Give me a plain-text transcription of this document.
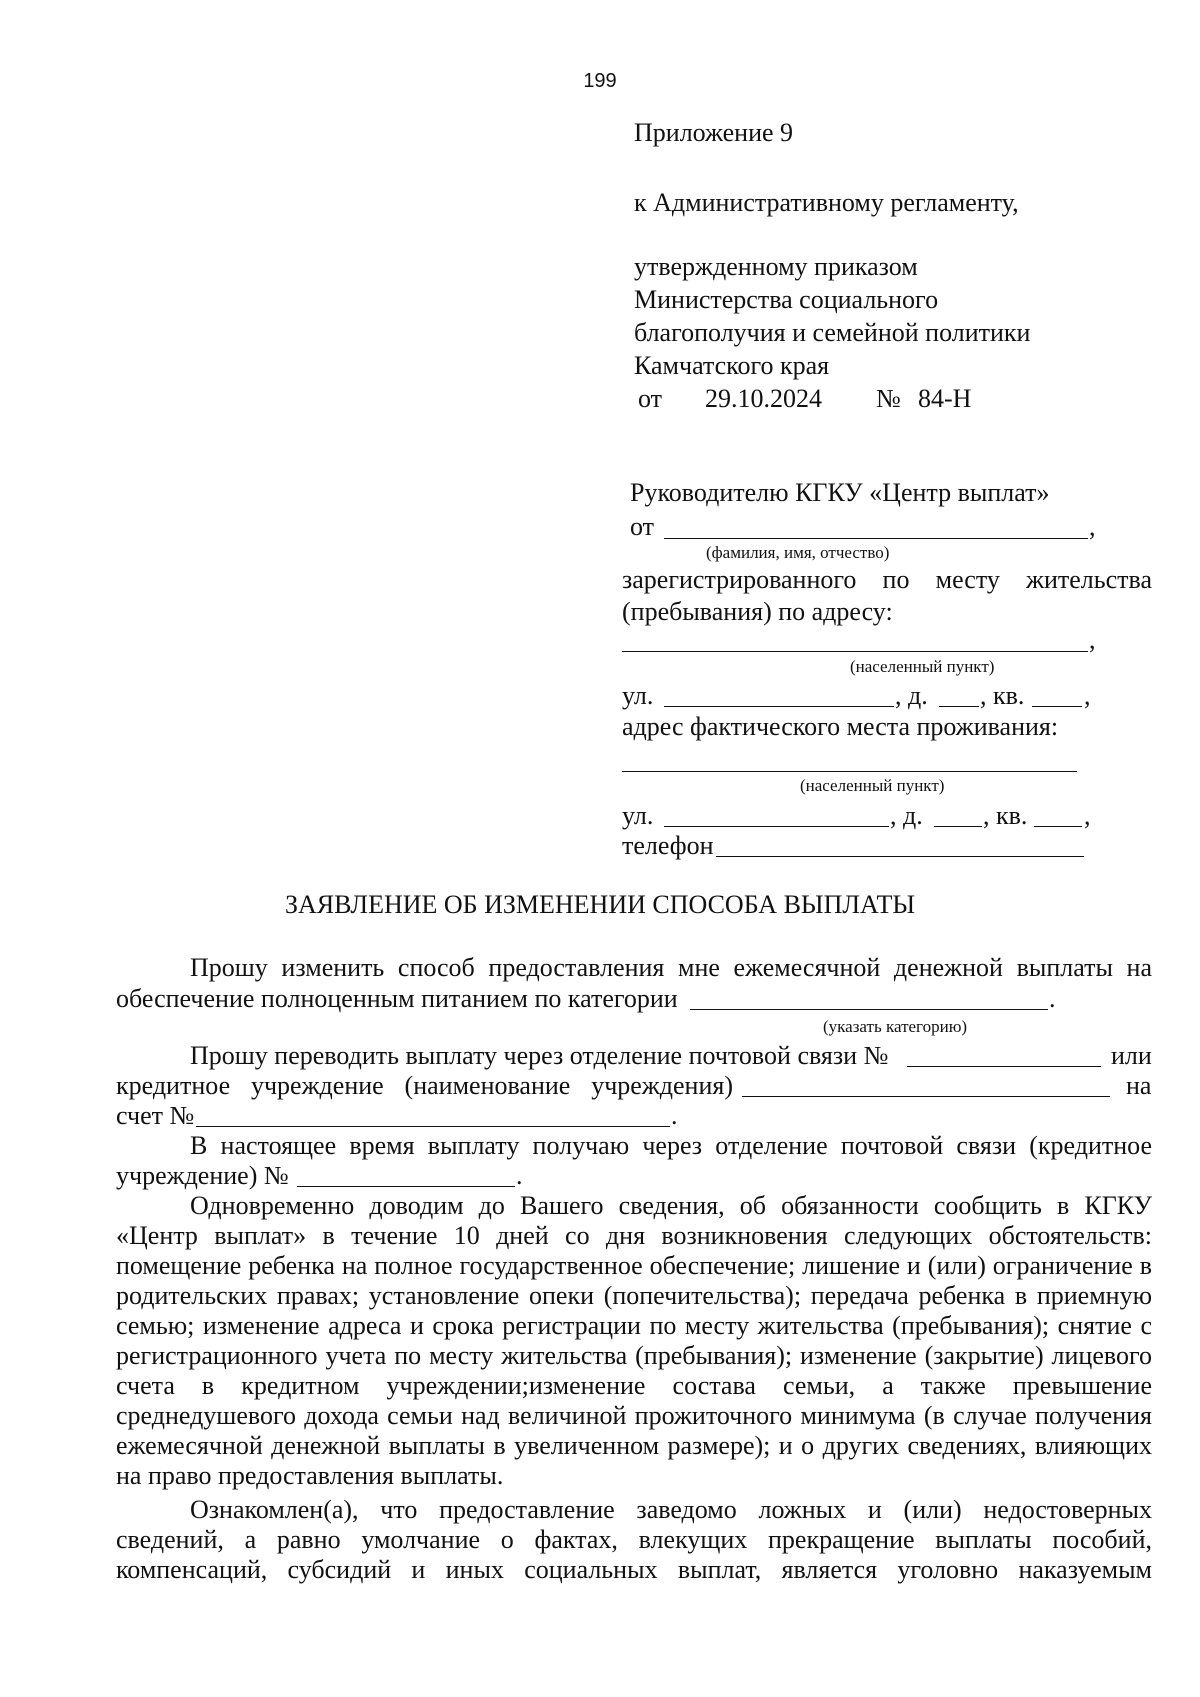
199
Приложение 9
к Административному регламенту,
утвержденному приказом
Министерства социального
благополучия и семейной политики
Камчатского края
от 29.10.2024 № 84-Н
Руководителю КГКУ «Центр выплат»
от	,
(фамилия, имя, отчество)
зарегистрированного по месту жительства
(пребывания) по адресу:
,
(населенный пункт)
ул.	, д. , кв. ,
адрес фактического места проживания:
(населенный пункт)
ул.	, д. , кв. ,
телефон
ЗАЯВЛЕНИЕ ОБ ИЗМЕНЕНИИ СПОСОБА ВЫПЛАТЫ
Прошу изменить способ предоставления мне ежемесячной денежной выплаты на
обеспечение полноценным питанием по категории	.
(указать категорию)
Прошу переводить выплату через отделение почтовой связи №	или
кредитное учреждение (наименование учреждения)	на
счет №	.
В настоящее время выплату получаю через отделение почтовой связи (кредитное
учреждение) №	.
Одновременно доводим до Вашего сведения, об обязанности сообщить в КГКУ «Центр выплат» в течение 10 дней со дня возникновения следующих обстоятельств: помещение ребенка на полное государственное обеспечение; лишение и (или) ограничение в родительских правах; установление опеки (попечительства); передача ребенка в приемную семью; изменение адреса и срока регистрации по месту жительства (пребывания); снятие с регистрационного учета по месту жительства (пребывания); изменение (закрытие) лицевого счета в кредитном учреждении;изменение состава семьи, а также превышение среднедушевого дохода семьи над величиной прожиточного минимума (в случае получения ежемесячной денежной выплаты в увеличенном размере); и о других сведениях, влияющих на право предоставления выплаты.
Ознакомлен(а), что предоставление заведомо ложных и (или) недостоверных сведений, а равно умолчание о фактах, влекущих прекращение выплаты пособий, компенсаций, субсидий и иных социальных выплат, является уголовно наказуемым
